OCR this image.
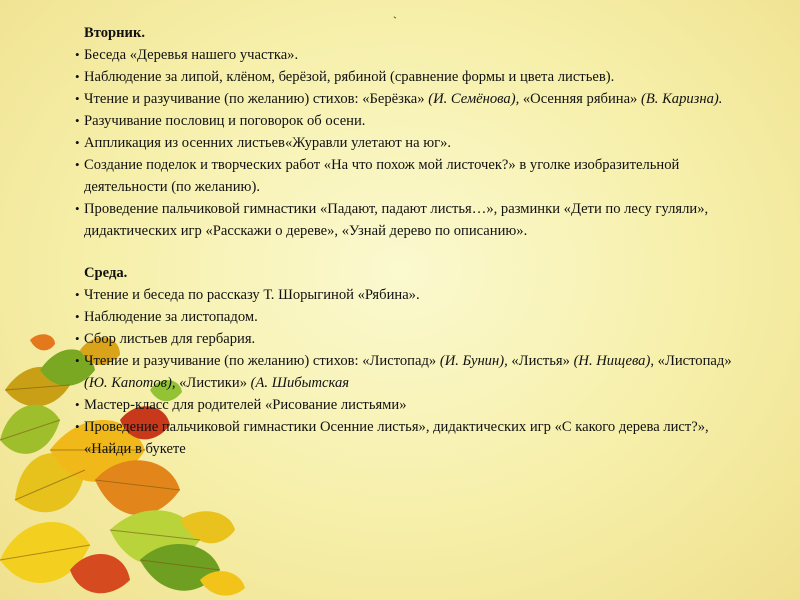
`

Вторник.

• Беседа «Деревья нашего участка».
• Наблюдение за липой, клёном, берёзой, рябиной (сравнение формы и цвета листьев).
• Чтение и разучивание (по желанию) стихов: «Берёзка» (И. Семёнова), «Осенняя рябина» (В. Каризна).
• Разучивание пословиц и поговорок об осени.
• Аппликация из осенних листьев«Журавли улетают на юг».
• Создание поделок и творческих работ «На что похож мой листочек?» в уголке изобразительной деятельности (по желанию).
• Проведение пальчиковой гимнастики «Падают, падают листья…», разминки «Дети по лесу гуляли», дидактических игр «Расскажи о дереве», «Узнай дерево по описанию».

Среда.

• Чтение и беседа по рассказу Т. Шорыгиной «Рябина».
• Наблюдение за листопадом.
• Сбор листьев для гербария.
• Чтение и разучивание (по желанию) стихов: «Листопад» (И. Бунин), «Листья» (Н. Нищева), «Листопад» (Ю. Капотов), «Листики» (А. Шибытская
• Мастер-класс для родителей «Рисование листьями»
• Проведение пальчиковой гимнастики Осенние листья», дидактических игр «С какого дерева лист?», «Найди в букете
